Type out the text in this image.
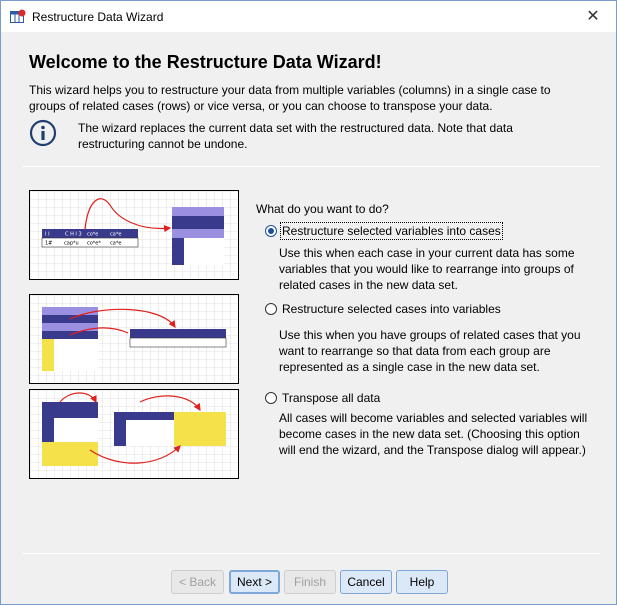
Restructure Data Wizard	✕
Welcome to the Restructure Data Wizard!
This wizard helps you to restructure your data from multiple variables (columns) in a single case to groups of related cases (rows) or vice versa, or you can choose to transpose your data.
The wizard replaces the current data set with the restructured data. Note that data restructuring cannot be undone.
I I	C H I 3 co*e ca*e
1# cap*u co*e* ca*e
What do you want to do?
Restructure selected variables into cases
Use this when each case in your current data has some variables that you would like to rearrange into groups of related cases in the new data set.
Restructure selected cases into variables
Use this when you have groups of related cases that you want to rearrange so that data from each group are represented as a single case in the new data set.
Transpose all data
All cases will become variables and selected variables will become cases in the new data set. (Choosing this option will end the wizard, and the Transpose dialog will appear.)
< Back	Next >	Finish	Cancel	Help
